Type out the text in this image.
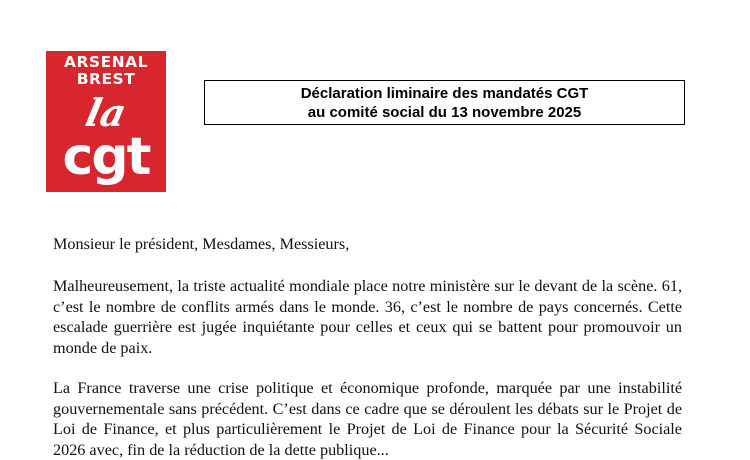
ARSENAL
BREST
la
cgt
Déclaration liminaire des mandatés CGT
au comité social du 13 novembre 2025
Monsieur le président, Mesdames, Messieurs,
Malheureusement, la triste actualité mondiale place notre ministère sur le devant de la scène. 61, c’est le nombre de conflits armés dans le monde. 36, c’est le nombre de pays concernés. Cette escalade guerrière est jugée inquiétante pour celles et ceux qui se battent pour promouvoir un monde de paix.
La France traverse une crise politique et économique profonde, marquée par une instabilité gouvernementale sans précédent. C’est dans ce cadre que se déroulent les débats sur le Projet de Loi de Finance, et plus particulièrement le Projet de Loi de Finance pour la Sécurité Sociale 2026 avec, fin de la réduction de la dette publique...
